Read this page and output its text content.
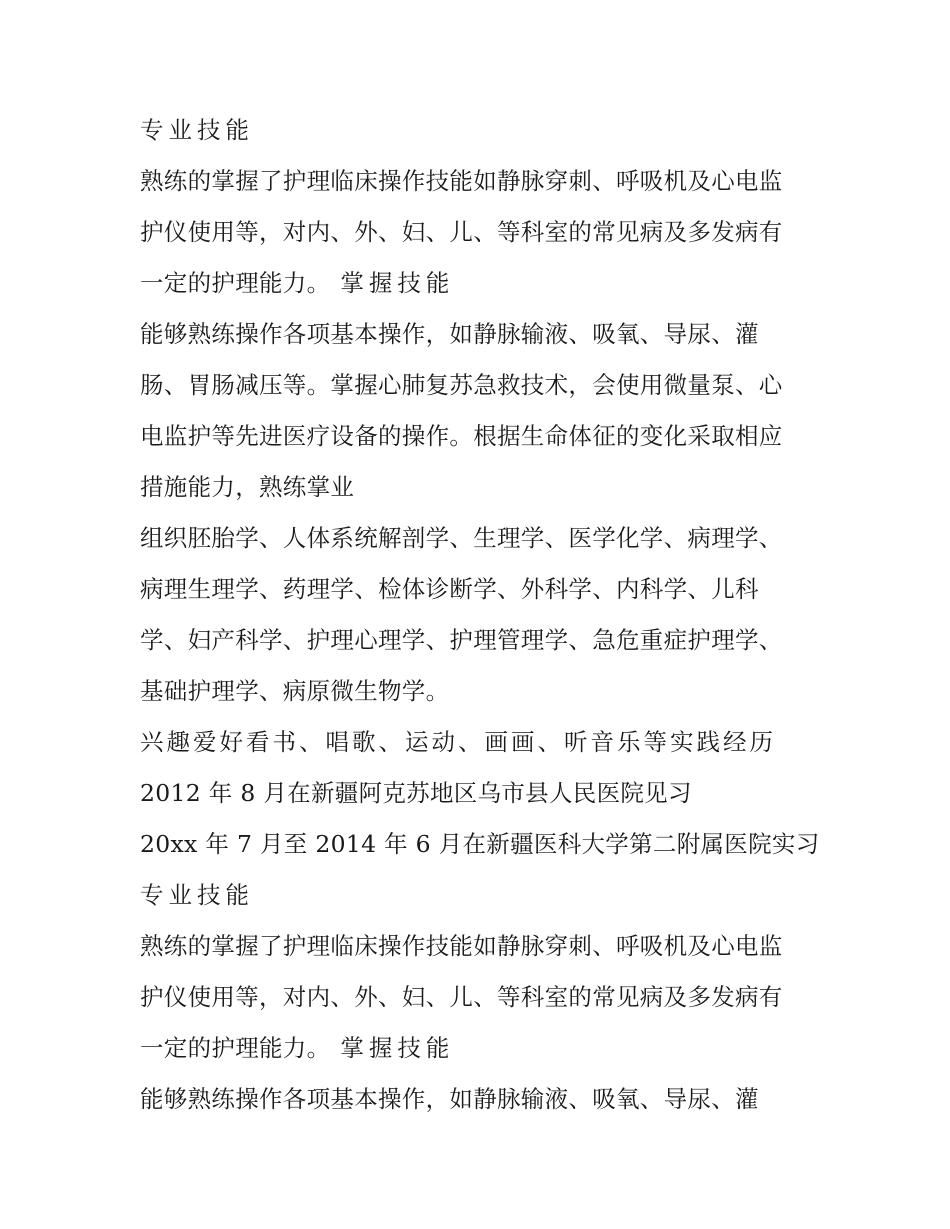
专业技能
熟练的掌握了护理临床操作技能如静脉穿刺、呼吸机及心电监
护仪使用等，对内、外、妇、儿、等科室的常见病及多发病有
一定的护理能力。 掌握技能
能够熟练操作各项基本操作，如静脉输液、吸氧、导尿、灌
肠、胃肠减压等。掌握心肺复苏急救技术，会使用微量泵、心
电监护等先进医疗设备的操作。根据生命体征的变化采取相应
措施能力，熟练掌业
组织胚胎学、人体系统解剖学、生理学、医学化学、病理学、
病理生理学、药理学、检体诊断学、外科学、内科学、儿科
学、妇产科学、护理心理学、护理管理学、急危重症护理学、
基础护理学、病原微生物学。
兴趣爱好看书、唱歌、运动、画画、听音乐等实践经历
2012 年 8 月在新疆阿克苏地区乌市县人民医院见习
20xx 年 7 月至 2014 年 6 月在新疆医科大学第二附属医院实习
专业技能
熟练的掌握了护理临床操作技能如静脉穿刺、呼吸机及心电监
护仪使用等，对内、外、妇、儿、等科室的常见病及多发病有
一定的护理能力。 掌握技能
能够熟练操作各项基本操作，如静脉输液、吸氧、导尿、灌
